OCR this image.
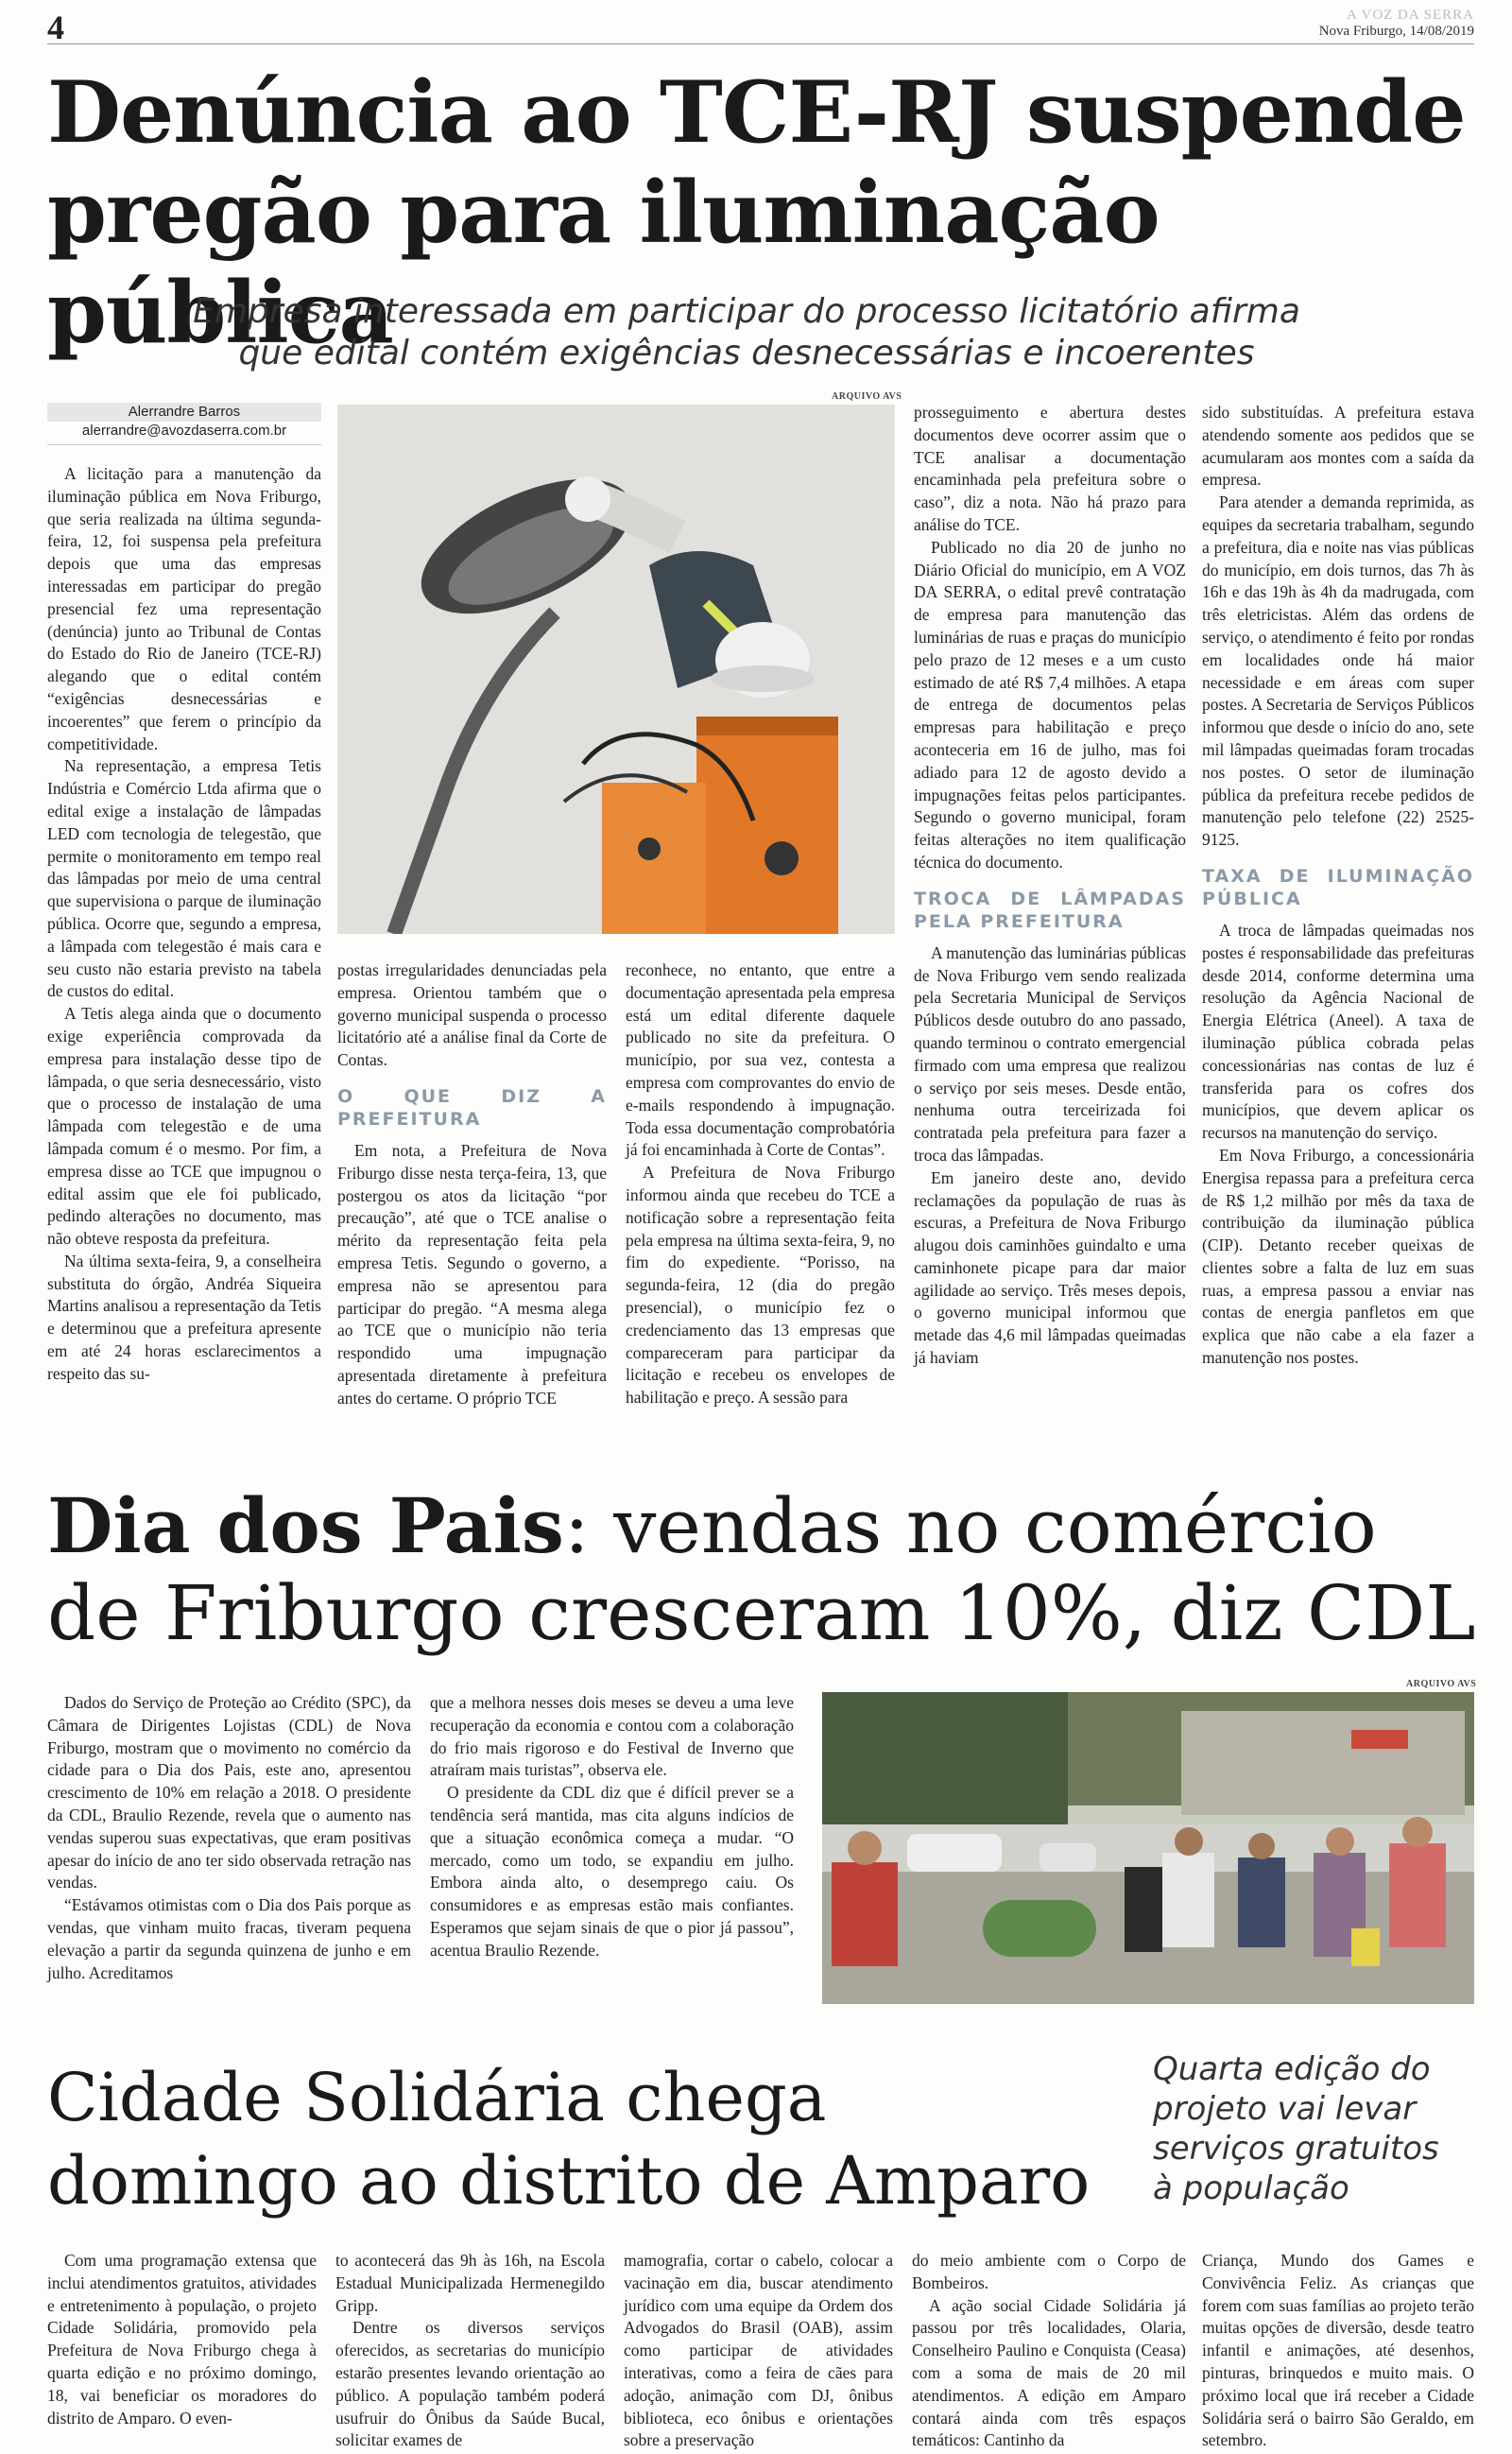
4	A VOZ DA SERRA
Nova Friburgo, 14/08/2019
Denúncia ao TCE-RJ suspende
pregão para iluminação pública
Empresa interessada em participar do processo licitatório afirma
que edital contém exigências desnecessárias e incoerentes
Alerrandre Barros
alerrandre@avozdaserra.com.br

A licitação para a manutenção da iluminação pública em Nova Friburgo, que seria realizada na última segunda-feira, 12, foi suspensa pela prefeitura depois que uma das empresas interessadas em participar do pregão presencial fez uma representação (denúncia) junto ao Tribunal de Contas do Estado do Rio de Janeiro (TCE-RJ) alegando que o edital contém “exigências desnecessárias e incoerentes” que ferem o princípio da competitividade.

Na representação, a empresa Tetis Indústria e Comércio Ltda afirma que o edital exige a instalação de lâmpadas LED com tecnologia de telegestão, que permite o monitoramento em tempo real das lâmpadas por meio de uma central que supervisiona o parque de iluminação pública. Ocorre que, segundo a empresa, a lâmpada com telegestão é mais cara e seu custo não estaria previsto na tabela de custos do edital.

A Tetis alega ainda que o documento exige experiência comprovada da empresa para instalação desse tipo de lâmpada, o que seria desnecessário, visto que o processo de instalação de uma lâmpada com telegestão e de uma lâmpada comum é o mesmo. Por fim, a empresa disse ao TCE que impugnou o edital assim que ele foi publicado, pedindo alterações no documento, mas não obteve resposta da prefeitura.

Na última sexta-feira, 9, a conselheira substituta do órgão, Andréa Siqueira Martins analisou a representação da Tetis e determinou que a prefeitura apresente em até 24 horas esclarecimentos a respeito das su-

ARQUIVO AVS

postas irregularidades denunciadas pela empresa. Orientou também que o governo municipal suspenda o processo licitatório até a análise final da Corte de Contas.

O QUE DIZ A PREFEITURA

Em nota, a Prefeitura de Nova Friburgo disse nesta terça-feira, 13, que postergou os atos da licitação “por precaução”, até que o TCE analise o mérito da representação feita pela empresa Tetis. Segundo o governo, a empresa não se apresentou para participar do pregão. “A mesma alega ao TCE que o município não teria respondido uma impugnação apresentada diretamente à prefeitura antes do certame. O próprio TCE

reconhece, no entanto, que entre a documentação apresentada pela empresa está um edital diferente daquele publicado no site da prefeitura. O município, por sua vez, contesta a empresa com comprovantes do envio de e-mails respondendo à impugnação. Toda essa documentação comprobatória já foi encaminhada à Corte de Contas”.

A Prefeitura de Nova Friburgo informou ainda que recebeu do TCE a notificação sobre a representação feita pela empresa na última sexta-feira, 9, no fim do expediente. “Porisso, na segunda-feira, 12 (dia do pregão presencial), o município fez o credenciamento das 13 empresas que compareceram para participar da licitação e recebeu os envelopes de habilitação e preço. A sessão para

prosseguimento e abertura destes documentos deve ocorrer assim que o TCE analisar a documentação encaminhada pela prefeitura sobre o caso”, diz a nota. Não há prazo para análise do TCE.

Publicado no dia 20 de junho no Diário Oficial do município, em A VOZ DA SERRA, o edital prevê contratação de empresa para manutenção das luminárias de ruas e praças do município pelo prazo de 12 meses e a um custo estimado de até R$ 7,4 milhões. A etapa de entrega de documentos pelas empresas para habilitação e preço aconteceria em 16 de julho, mas foi adiado para 12 de agosto devido a impugnações feitas pelos participantes. Segundo o governo municipal, foram feitas alterações no item qualificação técnica do documento.

TROCA DE LÂMPADAS PELA PREFEITURA

A manutenção das luminárias públicas de Nova Friburgo vem sendo realizada pela Secretaria Municipal de Serviços Públicos desde outubro do ano passado, quando terminou o contrato emergencial firmado com uma empresa que realizou o serviço por seis meses. Desde então, nenhuma outra terceirizada foi contratada pela prefeitura para fazer a troca das lâmpadas.

Em janeiro deste ano, devido reclamações da população de ruas às escuras, a Prefeitura de Nova Friburgo alugou dois caminhões guindalto e uma caminhonete picape para dar maior agilidade ao serviço. Três meses depois, o governo municipal informou que metade das 4,6 mil lâmpadas queimadas já haviam

sido substituídas. A prefeitura estava atendendo somente aos pedidos que se acumularam aos montes com a saída da empresa.

Para atender a demanda reprimida, as equipes da secretaria trabalham, segundo a prefeitura, dia e noite nas vias públicas do município, em dois turnos, das 7h às 16h e das 19h às 4h da madrugada, com três eletricistas. Além das ordens de serviço, o atendimento é feito por rondas em localidades onde há maior necessidade e em áreas com super postes. A Secretaria de Serviços Públicos informou que desde o início do ano, sete mil lâmpadas queimadas foram trocadas nos postes. O setor de iluminação pública da prefeitura recebe pedidos de manutenção pelo telefone (22) 2525-9125.

TAXA DE ILUMINAÇÃO PÚBLICA

A troca de lâmpadas queimadas nos postes é responsabilidade das prefeituras desde 2014, conforme determina uma resolução da Agência Nacional de Energia Elétrica (Aneel). A taxa de iluminação pública cobrada pelas concessionárias nas contas de luz é transferida para os cofres dos municípios, que devem aplicar os recursos na manutenção do serviço.

Em Nova Friburgo, a concessionária Energisa repassa para a prefeitura cerca de R$ 1,2 milhão por mês da taxa de contribuição da iluminação pública (CIP). Detanto receber queixas de clientes sobre a falta de luz em suas ruas, a empresa passou a enviar nas contas de energia panfletos em que explica que não cabe a ela fazer a manutenção nos postes.

Dia dos Pais: vendas no comércio
de Friburgo cresceram 10%, diz CDL

Dados do Serviço de Proteção ao Crédito (SPC), da Câmara de Dirigentes Lojistas (CDL) de Nova Friburgo, mostram que o movimento no comércio da cidade para o Dia dos Pais, este ano, apresentou crescimento de 10% em relação a 2018. O presidente da CDL, Braulio Rezende, revela que o aumento nas vendas superou suas expectativas, que eram positivas apesar do início de ano ter sido observada retração nas vendas.

“Estávamos otimistas com o Dia dos Pais porque as vendas, que vinham muito fracas, tiveram pequena elevação a partir da segunda quinzena de junho e em julho. Acreditamos

que a melhora nesses dois meses se deveu a uma leve recuperação da economia e contou com a colaboração do frio mais rigoroso e do Festival de Inverno que atraíram mais turistas”, observa ele.

O presidente da CDL diz que é difícil prever se a tendência será mantida, mas cita alguns indícios de que a situação econômica começa a mudar. “O mercado, como um todo, se expandiu em julho. Embora ainda alto, o desemprego caiu. Os consumidores e as empresas estão mais confiantes. Esperamos que sejam sinais de que o pior já passou”, acentua Braulio Rezende.

ARQUIVO AVS
Cidade Solidária chega
domingo ao distrito de Amparo
Quarta edição do
projeto vai levar
serviços gratuitos
à população

Com uma programação extensa que inclui atendimentos gratuitos, atividades e entretenimento à população, o projeto Cidade Solidária, promovido pela Prefeitura de Nova Friburgo chega à quarta edição e no próximo domingo, 18, vai beneficiar os moradores do distrito de Amparo. O even-

to acontecerá das 9h às 16h, na Escola Estadual Municipalizada Hermenegildo Gripp.

Dentre os diversos serviços oferecidos, as secretarias do município estarão presentes levando orientação ao público. A população também poderá usufruir do Ônibus da Saúde Bucal, solicitar exames de

mamografia, cortar o cabelo, colocar a vacinação em dia, buscar atendimento jurídico com uma equipe da Ordem dos Advogados do Brasil (OAB), assim como participar de atividades interativas, como a feira de cães para adoção, animação com DJ, ônibus biblioteca, eco ônibus e orientações sobre a preservação

do meio ambiente com o Corpo de Bombeiros.

A ação social Cidade Solidária já passou por três localidades, Olaria, Conselheiro Paulino e Conquista (Ceasa) com a soma de mais de 20 mil atendimentos. A edição em Amparo contará ainda com três espaços temáticos: Cantinho da

Criança, Mundo dos Games e Convivência Feliz. As crianças que forem com suas famílias ao projeto terão muitas opções de diversão, desde teatro infantil e animações, até desenhos, pinturas, brinquedos e muito mais. O próximo local que irá receber a Cidade Solidária será o bairro São Geraldo, em setembro.
